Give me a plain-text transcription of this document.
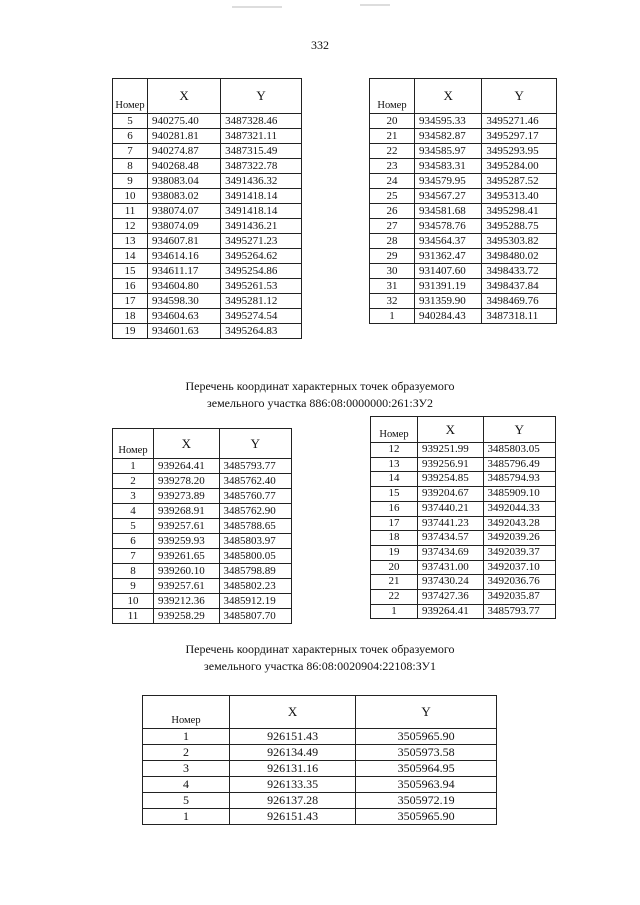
332
Номер	X	Y
5	940275.40	3487328.46
6	940281.81	3487321.11
7	940274.87	3487315.49
8	940268.48	3487322.78
9	938083.04	3491436.32
10	938083.02	3491418.14
11	938074.07	3491418.14
12	938074.09	3491436.21
13	934607.81	3495271.23
14	934614.16	3495264.62
15	934611.17	3495254.86
16	934604.80	3495261.53
17	934598.30	3495281.12
18	934604.63	3495274.54
19	934601.63	3495264.83
Номер	X	Y
20	934595.33	3495271.46
21	934582.87	3495297.17
22	934585.97	3495293.95
23	934583.31	3495284.00
24	934579.95	3495287.52
25	934567.27	3495313.40
26	934581.68	3495298.41
27	934578.76	3495288.75
28	934564.37	3495303.82
29	931362.47	3498480.02
30	931407.60	3498433.72
31	931391.19	3498437.84
32	931359.90	3498469.76
1	940284.43	3487318.11
Перечень координат характерных точек образуемого
земельного участка 886:08:0000000:261:ЗУ2
Номер	X	Y
1	939264.41	3485793.77
2	939278.20	3485762.40
3	939273.89	3485760.77
4	939268.91	3485762.90
5	939257.61	3485788.65
6	939259.93	3485803.97
7	939261.65	3485800.05
8	939260.10	3485798.89
9	939257.61	3485802.23
10	939212.36	3485912.19
11	939258.29	3485807.70
Номер	X	Y
12	939251.99	3485803.05
13	939256.91	3485796.49
14	939254.85	3485794.93
15	939204.67	3485909.10
16	937440.21	3492044.33
17	937441.23	3492043.28
18	937434.57	3492039.26
19	937434.69	3492039.37
20	937431.00	3492037.10
21	937430.24	3492036.76
22	937427.36	3492035.87
1	939264.41	3485793.77
Перечень координат характерных точек образуемого
земельного участка 86:08:0020904:22108:ЗУ1
Номер	X	Y
1	926151.43	3505965.90
2	926134.49	3505973.58
3	926131.16	3505964.95
4	926133.35	3505963.94
5	926137.28	3505972.19
1	926151.43	3505965.90
